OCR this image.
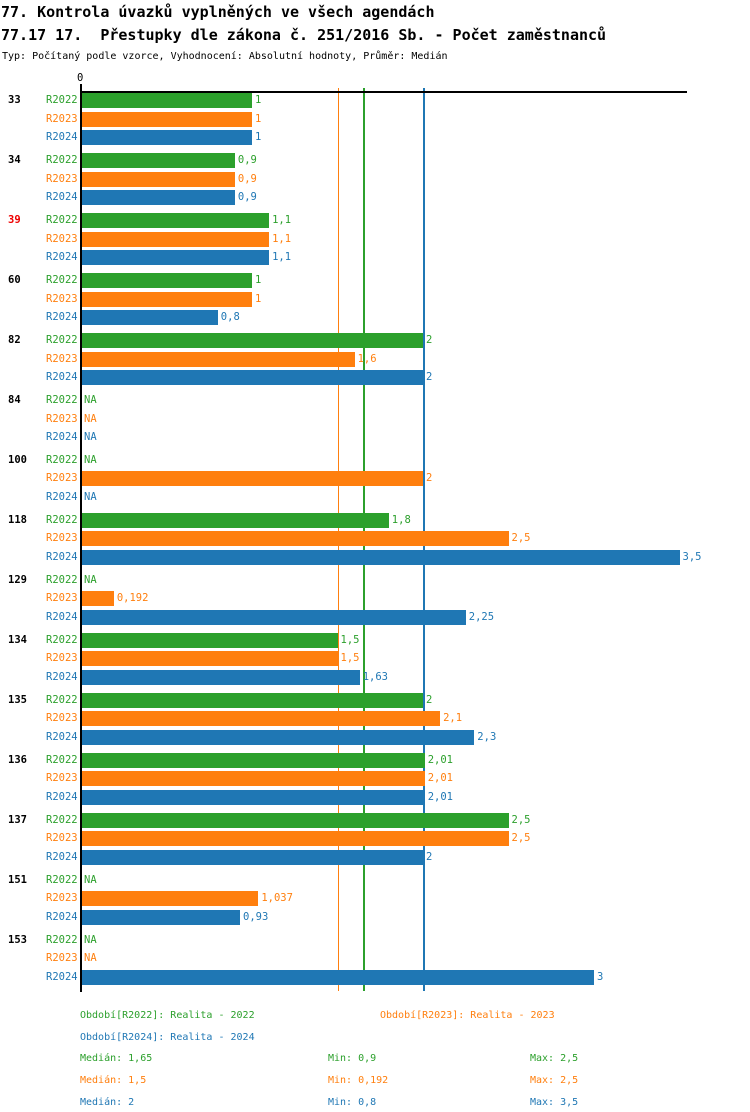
77. Kontrola úvazků vyplněných ve všech agendách
77.17 17.  Přestupky dle zákona č. 251/2016 Sb. - Počet zaměstnanců
Typ: Počítaný podle vzorce, Vyhodnocení: Absolutní hodnoty, Průměr: Medián
0
33	R2022	1
R2023	1
R2024	1
34	R2022	0,9
R2023	0,9
R2024	0,9
39	R2022	1,1
R2023	1,1
R2024	1,1
60	R2022	1
R2023	1
R2024	0,8
82	R2022	2
R2023	1,6
R2024	2
84	R2022 NA
R2023 NA
R2024 NA
100	R2022 NA
R2023	2
R2024 NA
118	R2022	1,8
R2023	2,5
R2024	3,5
129	R2022 NA
R2023	0,192
R2024	2,25
134	R2022	1,5
R2023	1,5
R2024	1,63
135	R2022	2
R2023	2,1
R2024	2,3
136	R2022	2,01
R2023	2,01
R2024	2,01
137	R2022	2,5
R2023	2,5
R2024	2
151	R2022 NA
R2023	1,037
R2024	0,93
153	R2022 NA
R2023 NA
R2024	3
Období[R2022]: Realita - 2022	Období[R2023]: Realita - 2023
Období[R2024]: Realita - 2024
Medián: 1,65	Min: 0,9	Max: 2,5
Medián: 1,5	Min: 0,192	Max: 2,5
Medián: 2	Min: 0,8	Max: 3,5
